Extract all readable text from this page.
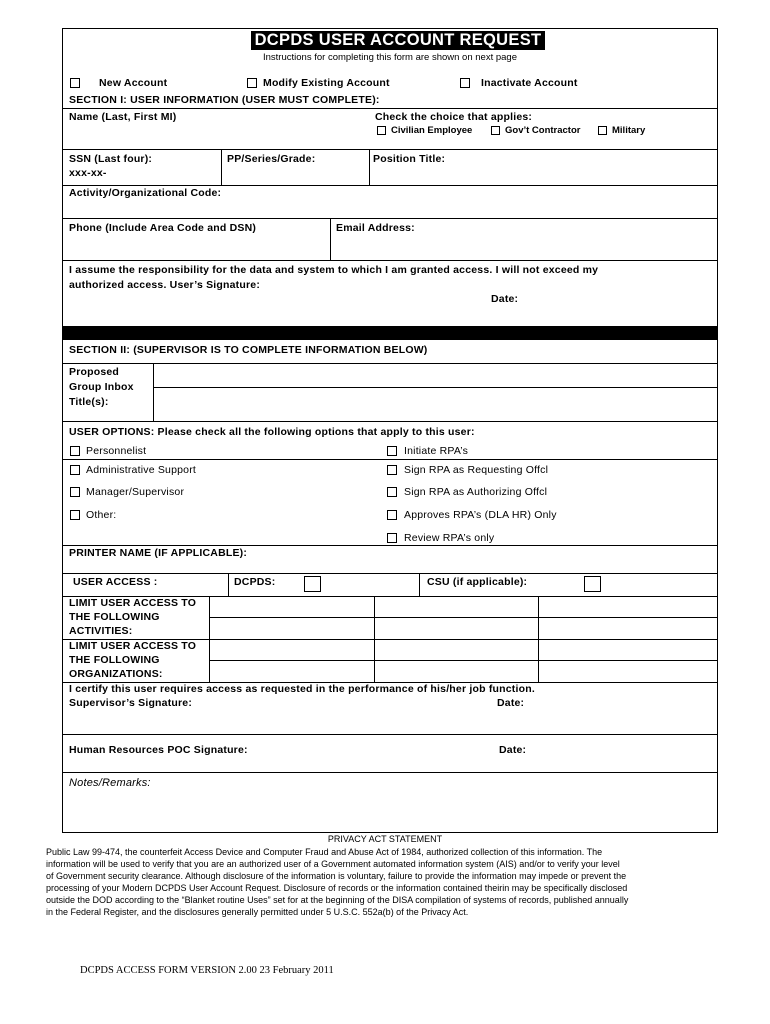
DCPDS USER ACCOUNT REQUEST
Instructions for completing this form are shown on next page
New Account	Modify Existing Account	Inactivate Account
SECTION I: USER INFORMATION (USER MUST COMPLETE):
Name (Last, First MI)	Check the choice that applies:
Civilian Employee	Gov’t Contractor	Military
SSN (Last four):
xxx-xx-
PP/Series/Grade:	Position Title:
Activity/Organizational Code:
Phone (Include Area Code and DSN)	Email Address:
I assume the responsibility for the data and system to which I am granted access. I will not exceed my
authorized access. User’s Signature:
Date:
SECTION II: (SUPERVISOR IS TO COMPLETE INFORMATION BELOW)
Proposed
Group Inbox
Title(s):
USER OPTIONS: Please check all the following options that apply to this user:
Personnelist	Initiate RPA’s
Administrative Support	Sign RPA as Requesting Offcl
Manager/Supervisor	Sign RPA as Authorizing Offcl
Other:	Approves RPA’s (DLA HR) Only
Review RPA’s only
PRINTER NAME (IF APPLICABLE):
USER ACCESS :	DCPDS:	CSU (if applicable):
LIMIT USER ACCESS TO
THE FOLLOWING
ACTIVITIES:
LIMIT USER ACCESS TO
THE FOLLOWING
ORGANIZATIONS:
I certify this user requires access as requested in the performance of his/her job function.
Supervisor’s Signature:	Date:
Human Resources POC Signature:	Date:
Notes/Remarks:
PRIVACY ACT STATEMENT
Public Law 99-474, the counterfeit Access Device and Computer Fraud and Abuse Act of 1984, authorized collection of this information. The
information will be used to verify that you are an authorized user of a Government automated information system (AIS) and/or to verify your level
of Government security clearance. Although disclosure of the information is voluntary, failure to provide the information may impede or prevent the
processing of your Modern DCPDS User Account Request. Disclosure of records or the information contained theirin may be specifically disclosed
outside the DOD according to the “Blanket routine Uses” set for at the beginning of the DISA compilation of systems of records, published annually
in the Federal Register, and the disclosures generally permitted under 5 U.S.C. 552a(b) of the Privacy Act.
DCPDS ACCESS FORM VERSION 2.00 23 February 2011
